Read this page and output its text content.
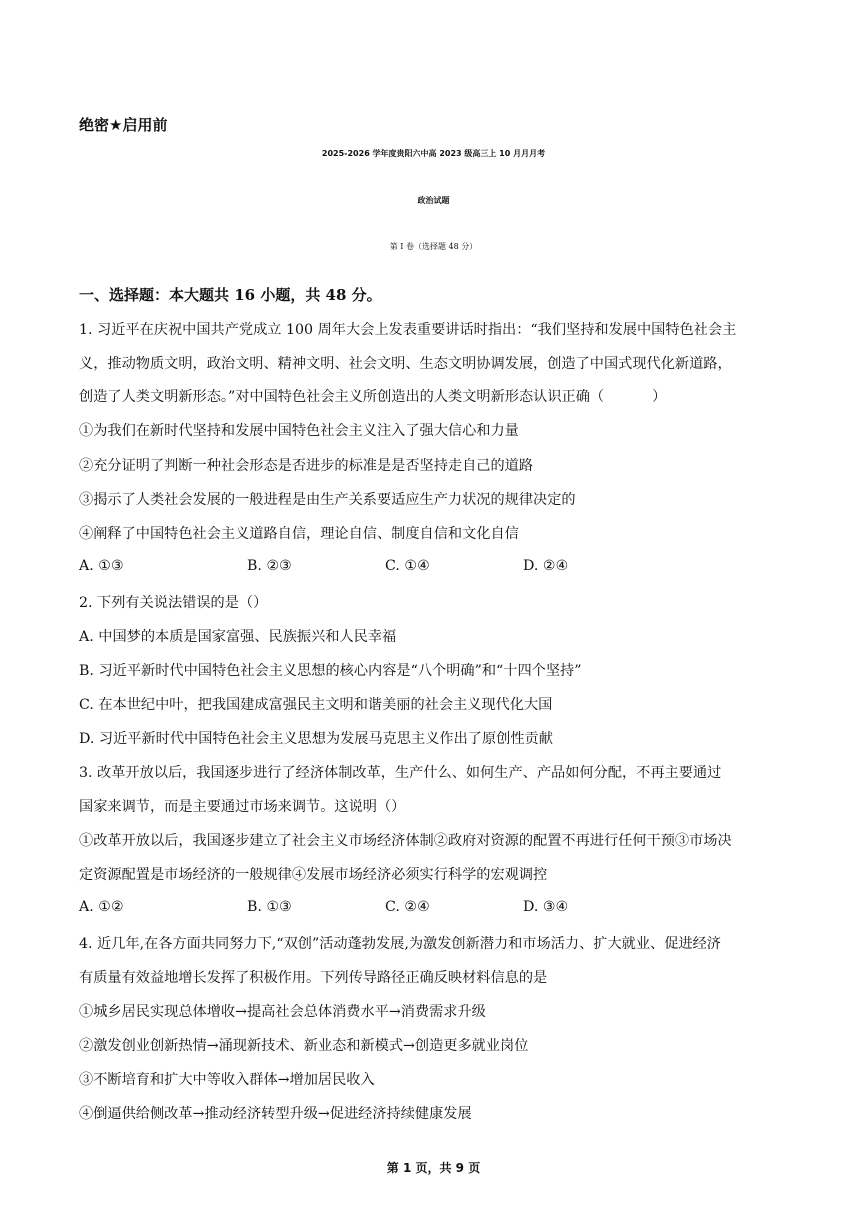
绝密★启用前
2025-2026 学年度贵阳六中高 2023 级高三上 10 月月月考
政治试题
第 I 卷（选择题 48 分）
一、选择题：本大题共 16 小题，共 48 分。
1. 习近平在庆祝中国共产党成立 100 周年大会上发表重要讲话时指出：“我们坚持和发展中国特色社会主
义，推动物质文明，政治文明、精神文明、社会文明、生态文明协调发展，创造了中国式现代化新道路，
创造了人类文明新形态。”对中国特色社会主义所创造出的人类文明新形态认识正确（	）
①为我们在新时代坚持和发展中国特色社会主义注入了强大信心和力量
②充分证明了判断一种社会形态是否进步的标准是是否坚持走自己的道路
③揭示了人类社会发展的一般进程是由生产关系要适应生产力状况的规律决定的
④阐释了中国特色社会主义道路自信，理论自信、制度自信和文化自信
A. ①③	B. ②③	C. ①④	D. ②④
2. 下列有关说法错误的是（）
A. 中国梦的本质是国家富强、民族振兴和人民幸福
B. 习近平新时代中国特色社会主义思想的核心内容是“八个明确”和“十四个坚持”
C. 在本世纪中叶，把我国建成富强民主文明和谐美丽的社会主义现代化大国
D. 习近平新时代中国特色社会主义思想为发展马克思主义作出了原创性贡献
3. 改革开放以后，我国逐步进行了经济体制改革，生产什么、如何生产、产品如何分配，不再主要通过
国家来调节，而是主要通过市场来调节。这说明（）
①改革开放以后，我国逐步建立了社会主义市场经济体制②政府对资源的配置不再进行任何干预③市场决
定资源配置是市场经济的一般规律④发展市场经济必须实行科学的宏观调控
A. ①②	B. ①③	C. ②④	D. ③④
4. 近几年,在各方面共同努力下,“双创”活动蓬勃发展,为激发创新潜力和市场活力、扩大就业、促进经济
有质量有效益地增长发挥了积极作用。下列传导路径正确反映材料信息的是
①城乡居民实现总体增收→提高社会总体消费水平→消费需求升级
②激发创业创新热情→涌现新技术、新业态和新模式→创造更多就业岗位
③不断培育和扩大中等收入群体→增加居民收入
④倒逼供给侧改革→推动经济转型升级→促进经济持续健康发展
第 1 页，共 9 页
